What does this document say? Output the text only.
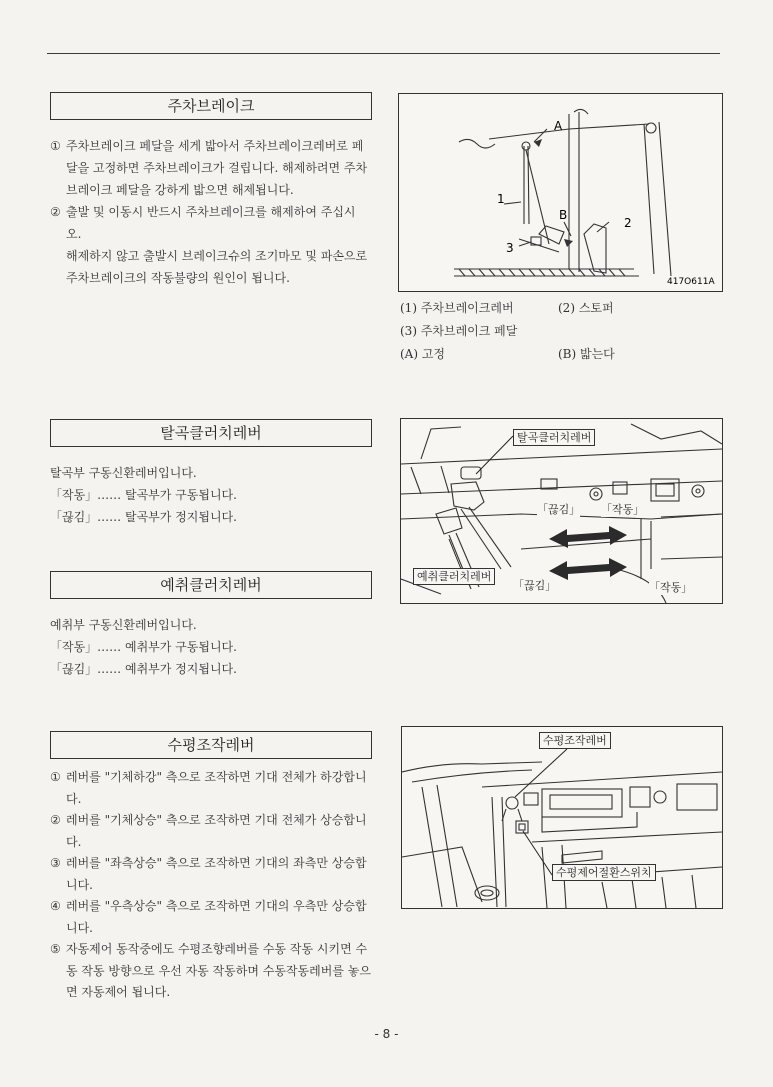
주차브레이크
① 주차브레이크 페달을 세게 밟아서 주차브레이크레버로 페달을 고정하면 주차브레이크가 걸립니다. 해제하려면 주차브레이크 페달을 강하게 밟으면 해제됩니다.
② 출발 및 이동시 반드시 주차브레이크를 해제하여 주십시오.
해제하지 않고 출발시 브레이크슈의 조기마모 및 파손으로 주차브레이크의 작동불량의 원인이 됩니다.
A
1
B
2
3
417O611A
(1) 주차브레이크레버	(2) 스토퍼
(3) 주차브레이크 페달
(A) 고정	(B) 밟는다
탈곡클러치레버
탈곡부 구동신환레버입니다.
「작동」…… 탈곡부가 구동됩니다.
「끊김」…… 탈곡부가 정지됩니다.
예취클러치레버
예취부 구동신환레버입니다.
「작동」…… 예취부가 구동됩니다.
「끊김」…… 예취부가 정지됩니다.
탈곡클러치레버
「끊김」 「작동」
예취클러치레버
「끊김」	「작동」
수평조작레버
① 레버를 "기체하강" 측으로 조작하면 기대 전체가 하강합니다.
② 레버를 "기체상승" 측으로 조작하면 기대 전체가 상승합니다.
③ 레버를 "좌측상승" 측으로 조작하면 기대의 좌측만 상승합니다.
④ 레버를 "우측상승" 측으로 조작하면 기대의 우측만 상승합니다.
⑤ 자동제어 동작중에도 수평조향레버를 수동 작동 시키면 수동 작동 방향으로 우선 자동 작동하며 수동작동레버를 놓으면 자동제어 됩니다.
수평조작레버
수평제어절환스위치
- 8 -
